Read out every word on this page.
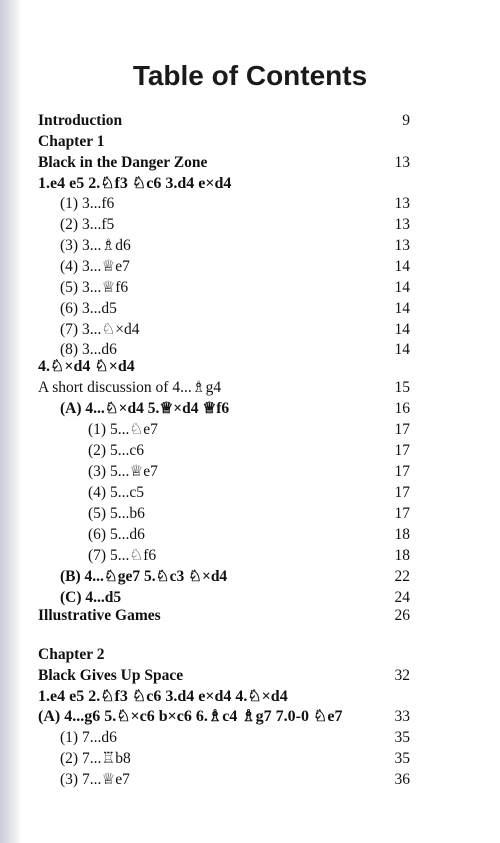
Table of Contents
Introduction	9
Chapter 1
Black in the Danger Zone	13
1.e4 e5 2.♘f3 ♘c6 3.d4 e×d4
(1) 3...f6	13
(2) 3...f5	13
(3) 3...♗d6	13
(4) 3...♕e7	14
(5) 3...♕f6	14
(6) 3...d5	14
(7) 3...♘×d4	14
(8) 3...d6	14
4.♘×d4 ♘×d4
A short discussion of 4...♗g4	15
(A) 4...♘×d4 5.♕×d4 ♕f6	16
(1) 5...♘e7	17
(2) 5...c6	17
(3) 5...♕e7	17
(4) 5...c5	17
(5) 5...b6	17
(6) 5...d6	18
(7) 5...♘f6	18
(B) 4...♘ge7 5.♘c3 ♘×d4	22
(C) 4...d5	24
Illustrative Games	26
Chapter 2
Black Gives Up Space	32
1.e4 e5 2.♘f3 ♘c6 3.d4 e×d4 4.♘×d4
(A) 4...g6 5.♘×c6 b×c6 6.♗c4 ♗g7 7.0-0 ♘e7	33
(1) 7...d6	35
(2) 7...♖b8	35
(3) 7...♕e7	36
